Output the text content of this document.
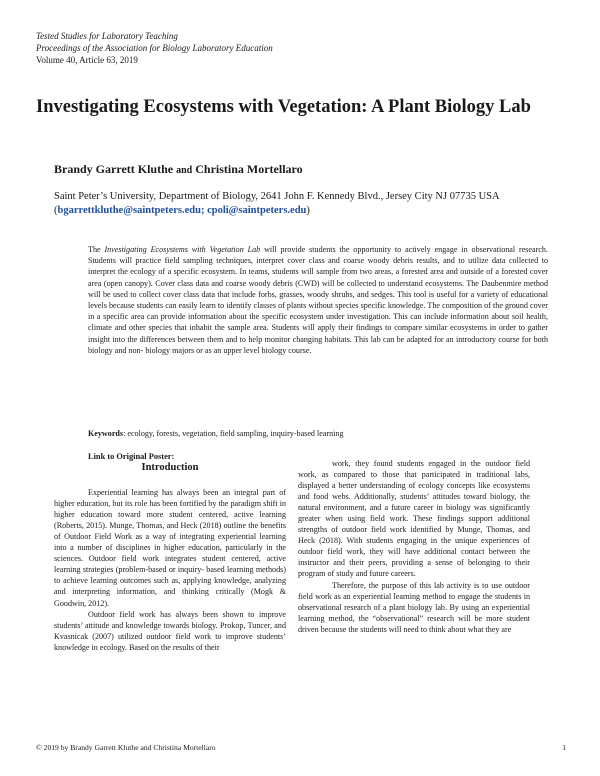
Tested Studies for Laboratory Teaching
Proceedings of the Association for Biology Laboratory Education
Volume 40, Article 63, 2019
Investigating Ecosystems with Vegetation: A Plant Biology Lab
Brandy Garrett Kluthe and Christina Mortellaro
Saint Peter’s University, Department of Biology, 2641 John F. Kennedy Blvd., Jersey City NJ 07735 USA
(bgarrettkluthe@saintpeters.edu; cpoli@saintpeters.edu)
The Investigating Ecosystems with Vegetation Lab will provide students the opportunity to actively engage in observational research. Students will practice field sampling techniques, interpret cover class and coarse woody debris results, and to utilize data collected to interpret the ecology of a specific ecosystem. In teams, students will sample from two areas, a forested area and outside of a forested cover area (open canopy). Cover class data and coarse woody debris (CWD) will be collected to understand ecosystems. The Daubenmire method will be used to collect cover class data that include forbs, grasses, woody shrubs, and sedges. This tool is useful for a variety of educational levels because students can easily learn to identify classes of plants without species specific knowledge. The composition of the ground cover in a specific area can provide information about the specific ecosystem under investigation. This can include information about soil health, climate and other species that inhabit the sample area. Students will apply their findings to compare similar ecosystems in order to gather insight into the differences between them and to help monitor changing habitats. This lab can be adapted for an introductory course for both biology and non- biology majors or as an upper level biology course.
Keywords: ecology, forests, vegetation, field sampling, inquiry-based learning
Link to Original Poster:
Introduction

Experiential learning has always been an integral part of higher education, but its role has been fortified by the paradigm shift in higher education toward more student centered, active learning (Roberts, 2015). Munge, Thomas, and Heck (2018) outline the benefits of Outdoor Field Work as a way of integrating experiential learning into a number of disciplines in higher education, particularly in the sciences. Outdoor field work integrates student centered, active learning strategies (problem-based or inquiry- based learning methods) to achieve learning outcomes such as, applying knowledge, analyzing and interpreting information, and thinking critically (Mogk & Goodwin, 2012).

Outdoor field work has always been shown to improve students’ attitude and knowledge towards biology. Prokop, Tuncer, and Kvasnicak (2007) utilized outdoor field work to improve students’ knowledge in ecology. Based on the results of their

work, they found students engaged in the outdoor field work, as compared to those that participated in traditional labs, displayed a better understanding of ecology concepts like ecosystems and food webs. Additionally, students’ attitudes toward biology, the natural environment, and a future career in biology was significantly greater when using field work. These findings support additional strengths of outdoor field work identified by Munge, Thomas, and Heck (2018). With students engaging in the unique experiences of outdoor field work, they will have additional contact between the instructor and their peers, providing a sense of belonging to their program of study and future careers.

Therefore, the purpose of this lab activity is to use outdoor field work as an experiential learning method to engage the students in observational research of a plant biology lab. By using an experiential learning method, the “observational” research will be more student driven because the students will need to think about what they are

© 2019 by Brandy Garrett Kluthe and Christina Mortellaro	1
